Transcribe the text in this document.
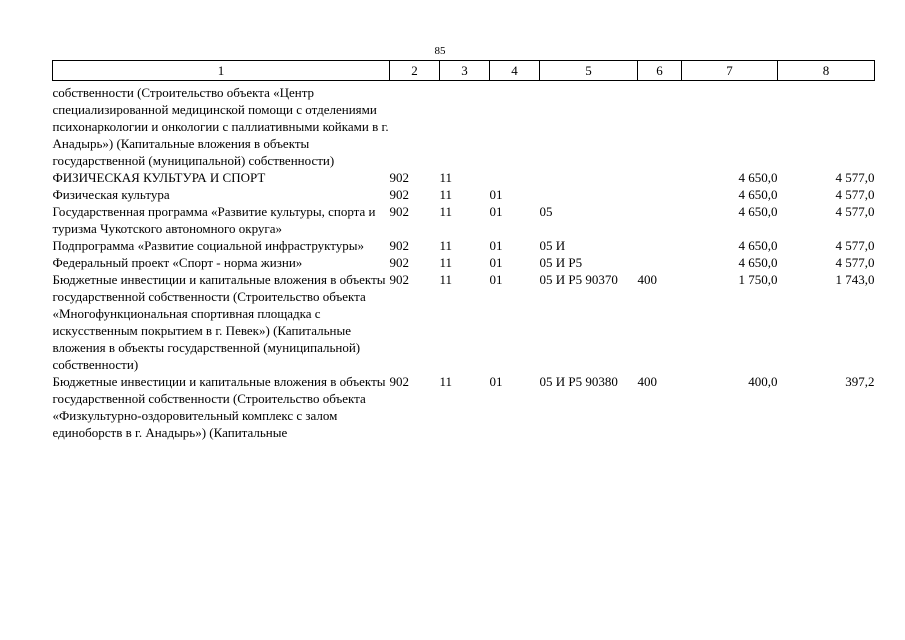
85
1	2	3	4	5	6	7	8

собственности (Строительство объекта «Центр специализированной медицинской помощи с отделениями психонаркологии и онкологии с паллиативными койками в г. Анадырь») (Капитальные вложения в объекты государственной (муниципальной) собственности)							
ФИЗИЧЕСКАЯ КУЛЬТУРА И СПОРТ	902	11				4 650,0	4 577,0
Физическая культура	902	11	01			4 650,0	4 577,0
Государственная программа «Развитие культуры, спорта и туризма Чукотского автономного округа»	902	11	01	05		4 650,0	4 577,0
Подпрограмма «Развитие социальной инфраструктуры»	902	11	01	05 И		4 650,0	4 577,0
Федеральный проект «Спорт - норма жизни»	902	11	01	05 И Р5		4 650,0	4 577,0
Бюджетные инвестиции и капитальные вложения в объекты государственной собственности (Строительство объекта «Многофункциональная спортивная площадка с искусственным покрытием в г. Певек») (Капитальные вложения в объекты государственной (муниципальной) собственности)	902	11	01	05 И Р5 90370	400	1 750,0	1 743,0
Бюджетные инвестиции и капитальные вложения в объекты государственной собственности (Строительство объекта «Физкультурно-оздоровительный комплекс с залом единоборств в г. Анадырь») (Капитальные	902	11	01	05 И Р5 90380	400	400,0	397,2
